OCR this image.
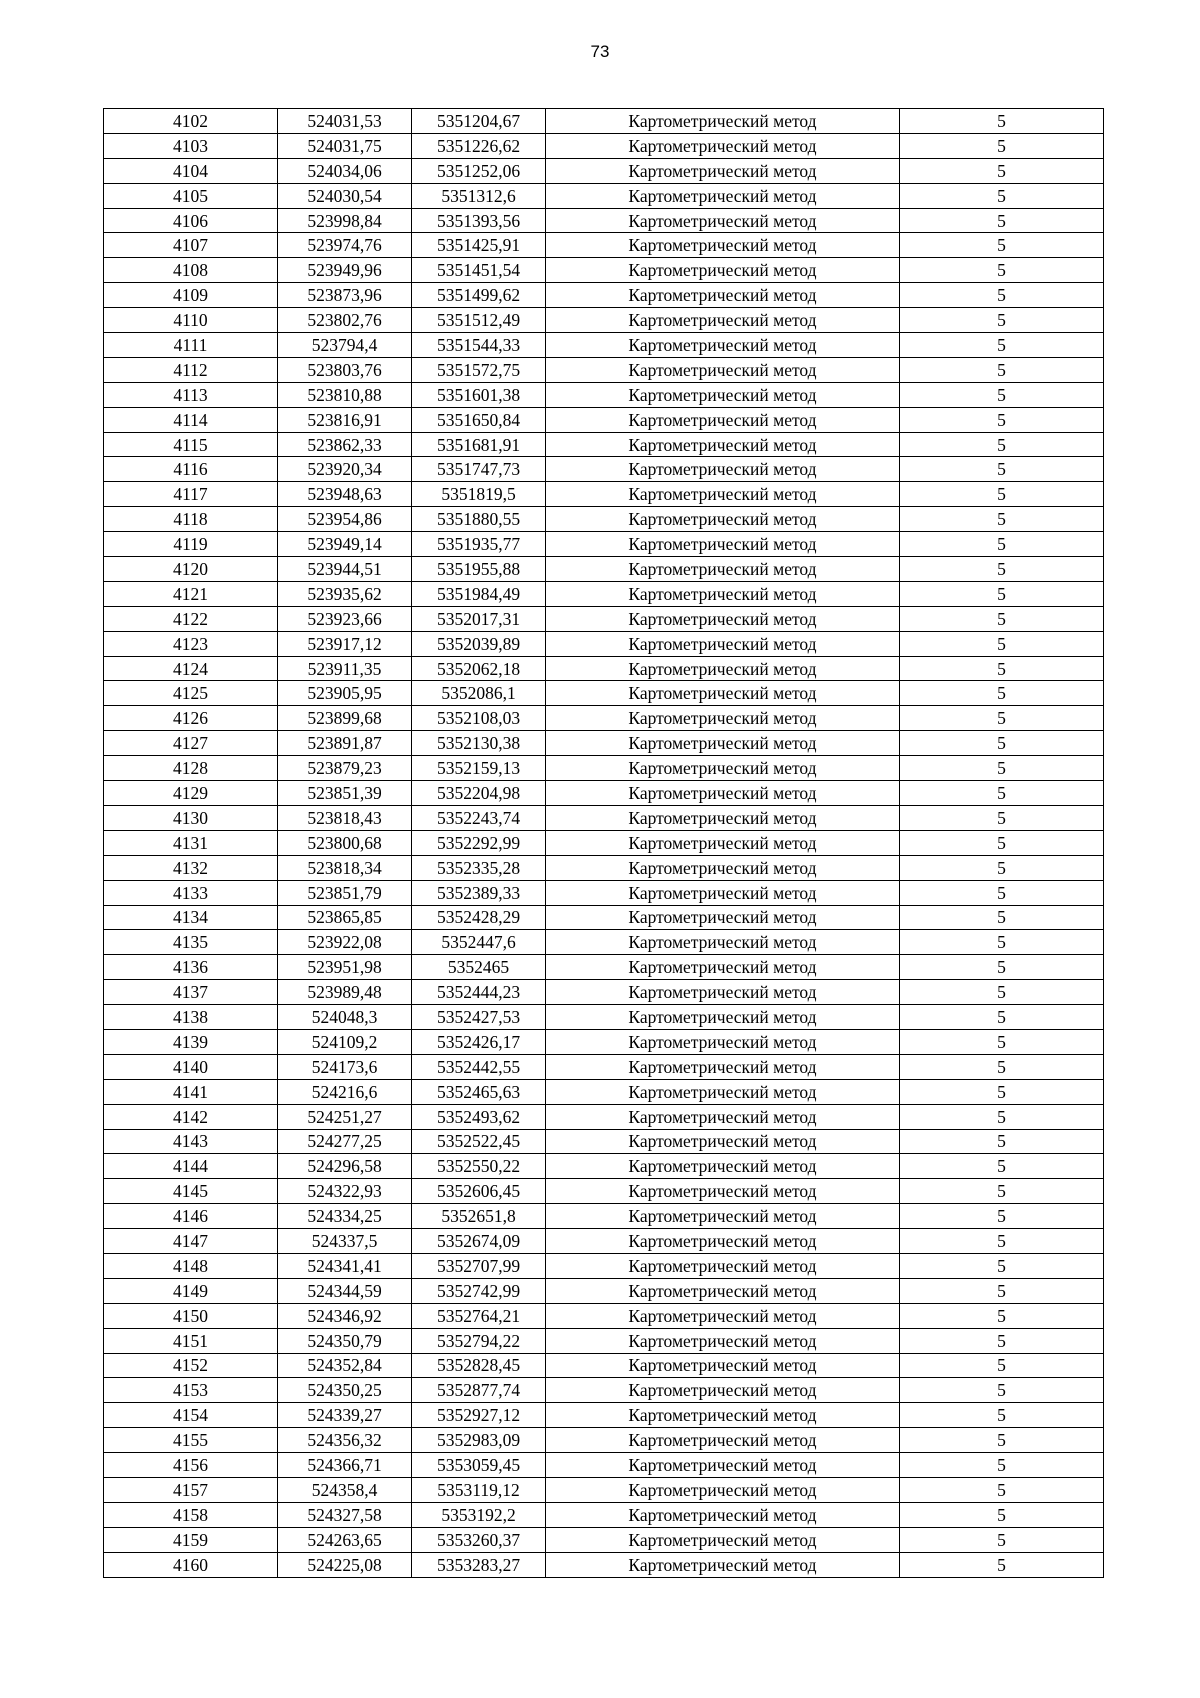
73
4102	524031,53	5351204,67	Картометрический метод	5
4103	524031,75	5351226,62	Картометрический метод	5
4104	524034,06	5351252,06	Картометрический метод	5
4105	524030,54	5351312,6	Картометрический метод	5
4106	523998,84	5351393,56	Картометрический метод	5
4107	523974,76	5351425,91	Картометрический метод	5
4108	523949,96	5351451,54	Картометрический метод	5
4109	523873,96	5351499,62	Картометрический метод	5
4110	523802,76	5351512,49	Картометрический метод	5
4111	523794,4	5351544,33	Картометрический метод	5
4112	523803,76	5351572,75	Картометрический метод	5
4113	523810,88	5351601,38	Картометрический метод	5
4114	523816,91	5351650,84	Картометрический метод	5
4115	523862,33	5351681,91	Картометрический метод	5
4116	523920,34	5351747,73	Картометрический метод	5
4117	523948,63	5351819,5	Картометрический метод	5
4118	523954,86	5351880,55	Картометрический метод	5
4119	523949,14	5351935,77	Картометрический метод	5
4120	523944,51	5351955,88	Картометрический метод	5
4121	523935,62	5351984,49	Картометрический метод	5
4122	523923,66	5352017,31	Картометрический метод	5
4123	523917,12	5352039,89	Картометрический метод	5
4124	523911,35	5352062,18	Картометрический метод	5
4125	523905,95	5352086,1	Картометрический метод	5
4126	523899,68	5352108,03	Картометрический метод	5
4127	523891,87	5352130,38	Картометрический метод	5
4128	523879,23	5352159,13	Картометрический метод	5
4129	523851,39	5352204,98	Картометрический метод	5
4130	523818,43	5352243,74	Картометрический метод	5
4131	523800,68	5352292,99	Картометрический метод	5
4132	523818,34	5352335,28	Картометрический метод	5
4133	523851,79	5352389,33	Картометрический метод	5
4134	523865,85	5352428,29	Картометрический метод	5
4135	523922,08	5352447,6	Картометрический метод	5
4136	523951,98	5352465	Картометрический метод	5
4137	523989,48	5352444,23	Картометрический метод	5
4138	524048,3	5352427,53	Картометрический метод	5
4139	524109,2	5352426,17	Картометрический метод	5
4140	524173,6	5352442,55	Картометрический метод	5
4141	524216,6	5352465,63	Картометрический метод	5
4142	524251,27	5352493,62	Картометрический метод	5
4143	524277,25	5352522,45	Картометрический метод	5
4144	524296,58	5352550,22	Картометрический метод	5
4145	524322,93	5352606,45	Картометрический метод	5
4146	524334,25	5352651,8	Картометрический метод	5
4147	524337,5	5352674,09	Картометрический метод	5
4148	524341,41	5352707,99	Картометрический метод	5
4149	524344,59	5352742,99	Картометрический метод	5
4150	524346,92	5352764,21	Картометрический метод	5
4151	524350,79	5352794,22	Картометрический метод	5
4152	524352,84	5352828,45	Картометрический метод	5
4153	524350,25	5352877,74	Картометрический метод	5
4154	524339,27	5352927,12	Картометрический метод	5
4155	524356,32	5352983,09	Картометрический метод	5
4156	524366,71	5353059,45	Картометрический метод	5
4157	524358,4	5353119,12	Картометрический метод	5
4158	524327,58	5353192,2	Картометрический метод	5
4159	524263,65	5353260,37	Картометрический метод	5
4160	524225,08	5353283,27	Картометрический метод	5
